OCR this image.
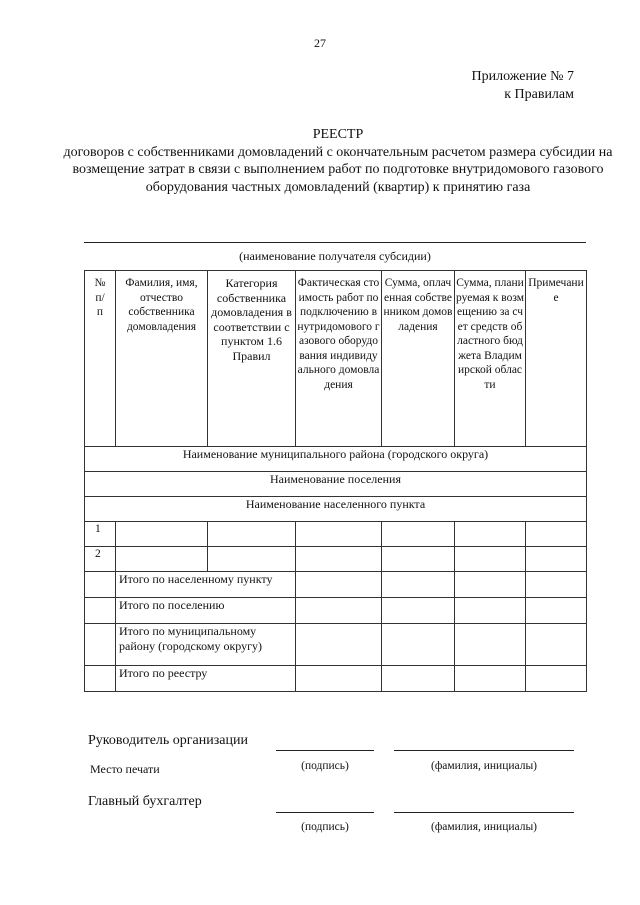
27
Приложение № 7
к Правилам
РЕЕСТР
договоров с собственниками домовладений с окончательным расчетом размера субсидии на возмещение затрат в связи с выполнением работ по подготовке внутридомового газового оборудования частных домовладений (квартир) к принятию газа
(наименование получателя субсидии)
№ п/п	Фамилия, имя, отчество собственника домовладения	Категория собственника домовладения в соответствии с пунктом 1.6 Правил	Фактическая стоимость работ по подключению внутридомового газового оборудования индивидуального домовладения	Сумма, оплаченная собственником домовладения	Сумма, планируемая к возмещению за счет средств областного бюджета Владимирской области	Примечание
Наименование муниципального района (городского округа)						
Наименование поселения						
Наименование населенного пункта						
1						
2						
	Итого по населенному пункту					
	Итого по поселению					
	Итого по муниципальному району (городскому округу)					
	Итого по реестру					
Руководитель организации
Место печати	(подпись)	(фамилия, инициалы)
Главный бухгалтер
(подпись)	(фамилия, инициалы)
